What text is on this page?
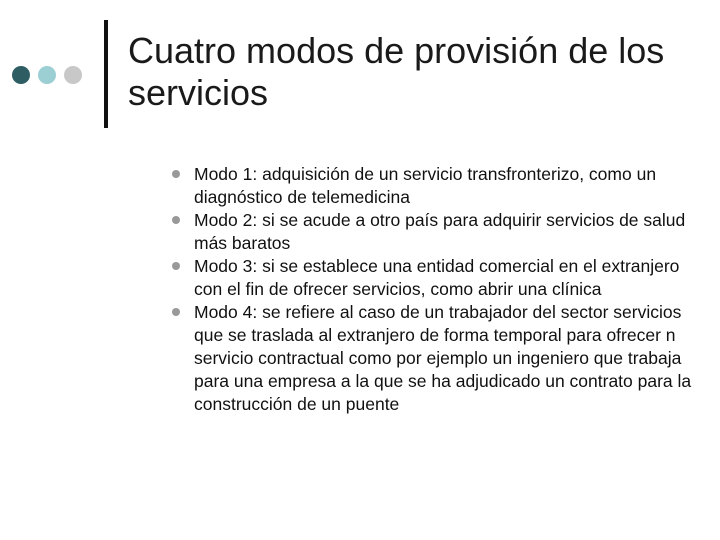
Cuatro modos de provisión de los servicios
Modo 1: adquisición de un servicio transfronterizo, como un diagnóstico de telemedicina
Modo 2: si se acude a otro país para adquirir servicios de salud más baratos
Modo 3: si se establece una entidad comercial en el extranjero con el fin de ofrecer servicios, como abrir una clínica
Modo 4: se refiere al caso de un trabajador del sector servicios que se traslada al extranjero de forma temporal para ofrecer n servicio contractual como por ejemplo un ingeniero que trabaja para una empresa a la que se ha adjudicado un contrato para la construcción de un puente
